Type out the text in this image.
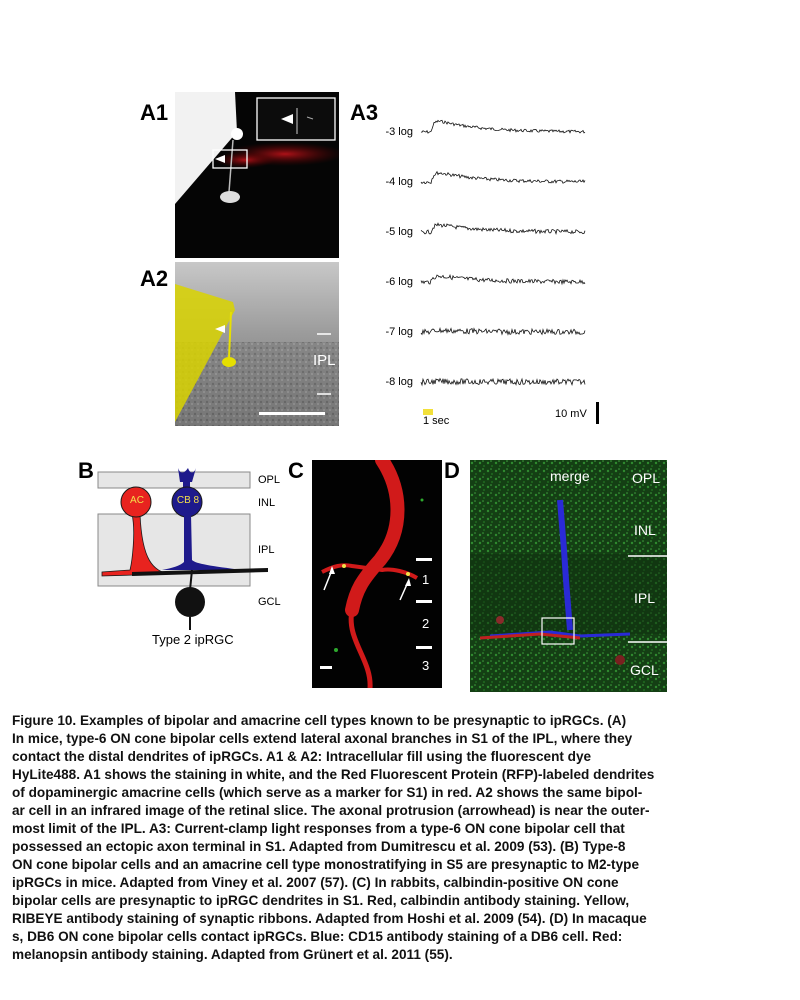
A1
A2
IPL
A3
-3 log
-4 log
-5 log
-6 log
-7 log
-8 log
1 sec
10 mV
B
AC	CB 8
OPL
INL
IPL
GCL
Type 2 ipRGC
C
1
2
3
D	merge	OPL
INL
IPL
GCL
Figure 10. Examples of bipolar and amacrine cell types known to be presynaptic to ipRGCs. (A)
In mice, type-6 ON cone bipolar cells extend lateral axonal branches in S1 of the IPL, where they
contact the distal dendrites of ipRGCs. A1 & A2: Intracellular fill using the fluorescent dye
HyLite488. A1 shows the staining in white, and the Red Fluorescent Protein (RFP)-labeled dendrites
of dopaminergic amacrine cells (which serve as a marker for S1) in red. A2 shows the same bipol-
ar cell in an infrared image of the retinal slice. The axonal protrusion (arrowhead) is near the outer-
most limit of the IPL. A3: Current-clamp light responses from a type-6 ON cone bipolar cell that
possessed an ectopic axon terminal in S1. Adapted from Dumitrescu et al. 2009 (53). (B) Type-8
ON cone bipolar cells and an amacrine cell type monostratifying in S5 are presynaptic to M2-type
ipRGCs in mice. Adapted from Viney et al. 2007 (57). (C) In rabbits, calbindin-positive ON cone
bipolar cells are presynaptic to ipRGC dendrites in S1. Red, calbindin antibody staining. Yellow,
RIBEYE antibody staining of synaptic ribbons. Adapted from Hoshi et al. 2009 (54). (D) In macaque
s, DB6 ON cone bipolar cells contact ipRGCs. Blue: CD15 antibody staining of a DB6 cell. Red:
melanopsin antibody staining. Adapted from Grünert et al. 2011 (55).
